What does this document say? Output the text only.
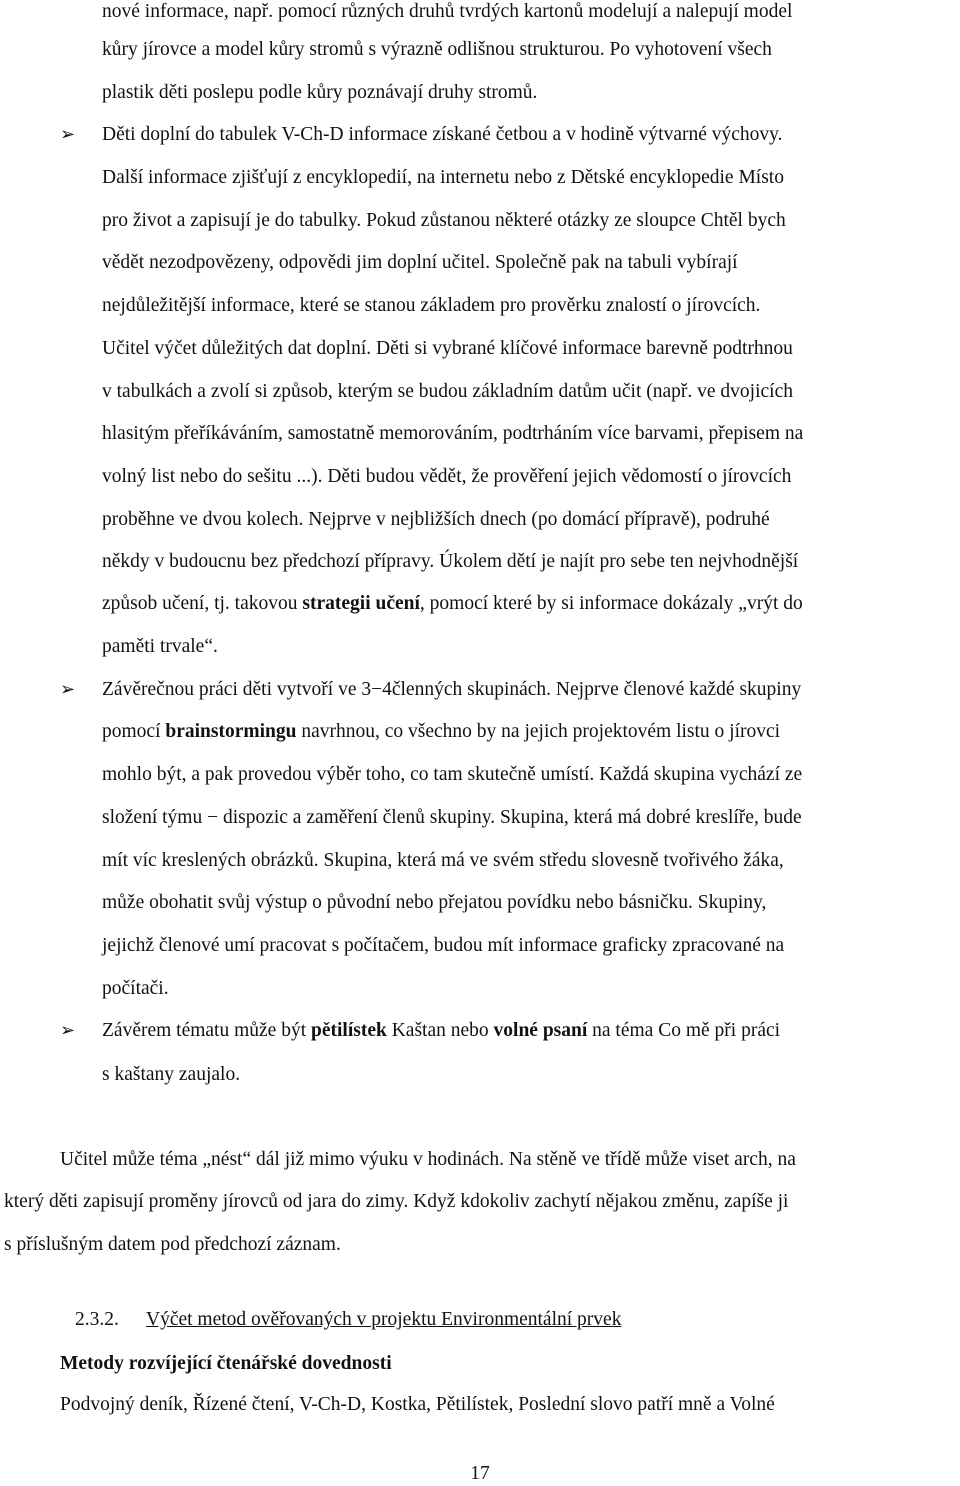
nové informace, např. pomocí různých druhů tvrdých kartonů modelují a nalepují model
kůry jírovce a model kůry stromů s výrazně odlišnou strukturou. Po vyhotovení všech
plastik děti poslepu podle kůry poznávají druhy stromů.
➢ Děti doplní do tabulek V-Ch-D informace získané četbou a v hodině výtvarné výchovy.
Další informace zjišťují z encyklopedií, na internetu nebo z Dětské encyklopedie Místo
pro život a zapisují je do tabulky. Pokud zůstanou některé otázky ze sloupce Chtěl bych
vědět nezodpovězeny, odpovědi jim doplní učitel. Společně pak na tabuli vybírají
nejdůležitější informace, které se stanou základem pro prověrku znalostí o jírovcích.
Učitel výčet důležitých dat doplní. Děti si vybrané klíčové informace barevně podtrhnou
v tabulkách a zvolí si způsob, kterým se budou základním datům učit (např. ve dvojicích
hlasitým přeříkáváním, samostatně memorováním, podtrháním více barvami, přepisem na
volný list nebo do sešitu ...). Děti budou vědět, že prověření jejich vědomostí o jírovcích
proběhne ve dvou kolech. Nejprve v nejbližších dnech (po domácí přípravě), podruhé
někdy v budoucnu bez předchozí přípravy. Úkolem dětí je najít pro sebe ten nejvhodnější
způsob učení, tj. takovou strategii učení, pomocí které by si informace dokázaly „vrýt do
paměti trvale“.
➢ Závěrečnou práci děti vytvoří ve 3−4členných skupinách. Nejprve členové každé skupiny
pomocí brainstormingu navrhnou, co všechno by na jejich projektovém listu o jírovci
mohlo být, a pak provedou výběr toho, co tam skutečně umístí. Každá skupina vychází ze
složení týmu − dispozic a zaměření členů skupiny. Skupina, která má dobré kreslíře, bude
mít víc kreslených obrázků. Skupina, která má ve svém středu slovesně tvořivého žáka,
může obohatit svůj výstup o původní nebo přejatou povídku nebo básničku. Skupiny,
jejichž členové umí pracovat s počítačem, budou mít informace graficky zpracované na
počítači.
➢ Závěrem tématu může být pětilístek Kaštan nebo volné psaní na téma Co mě při práci
s kaštany zaujalo.
Učitel může téma „nést“ dál již mimo výuku v hodinách. Na stěně ve třídě může viset arch, na
který děti zapisují proměny jírovců od jara do zimy. Když kdokoliv zachytí nějakou změnu, zapíše ji
s příslušným datem pod předchozí záznam.
2.3.2. Výčet metod ověřovaných v projektu Environmentální prvek
Metody rozvíjející čtenářské dovednosti
Podvojný deník, Řízené čtení, V-Ch-D, Kostka, Pětilístek, Poslední slovo patří mně a Volné
17
